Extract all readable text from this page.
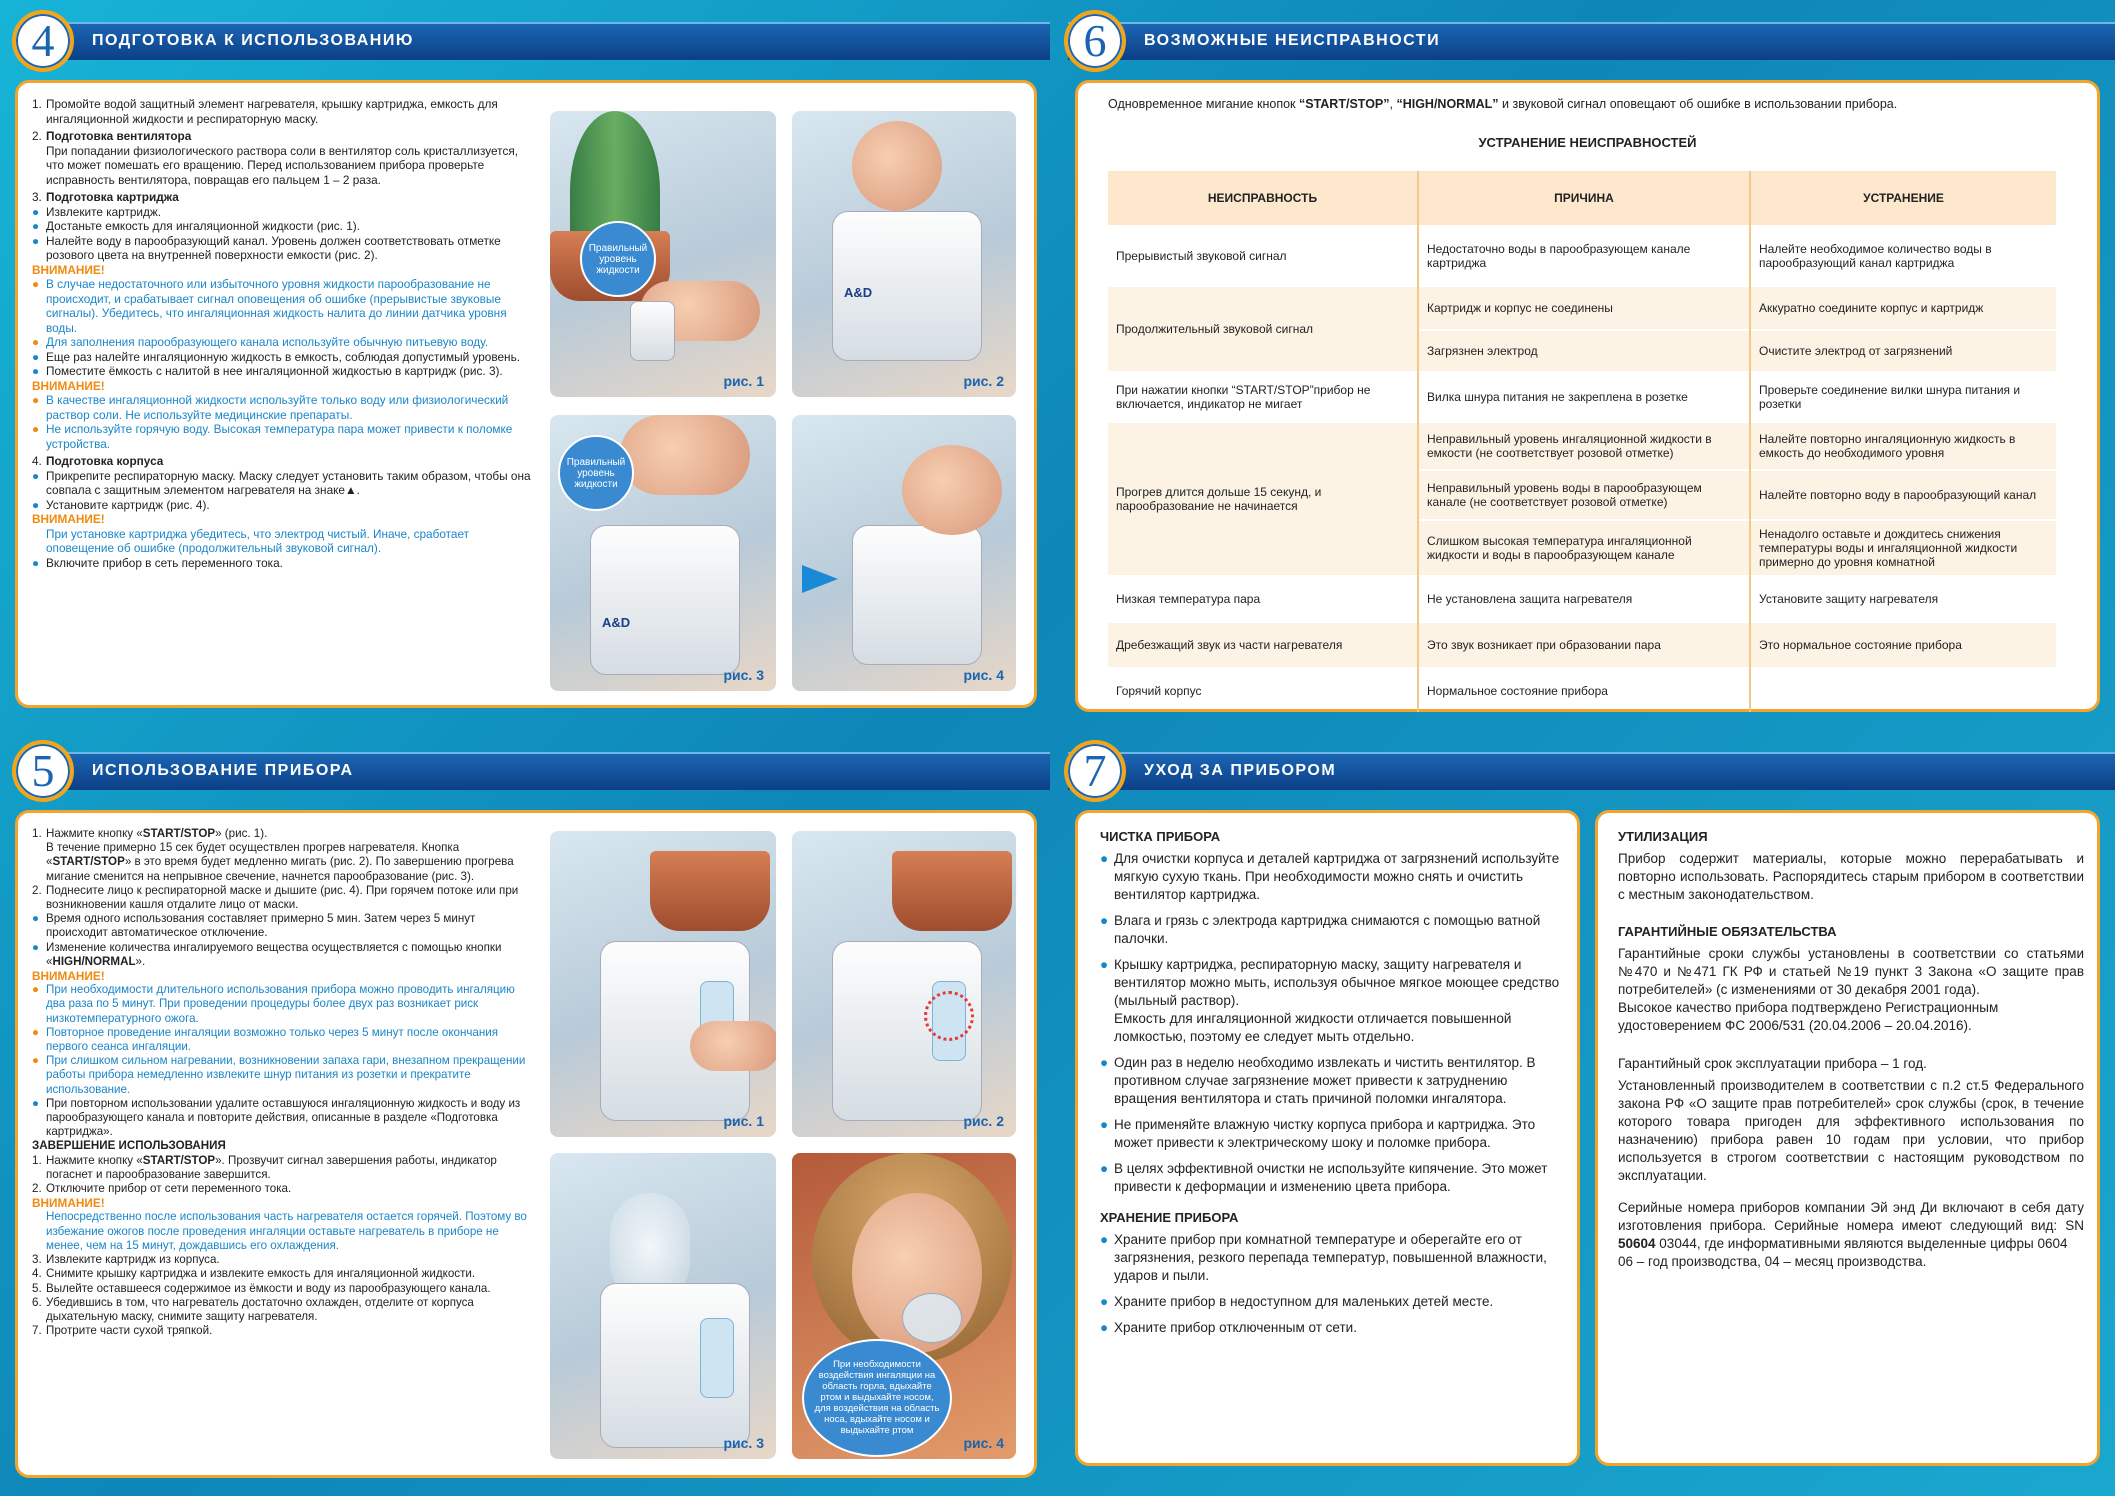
ПОДГОТОВКА К ИСПОЛЬЗОВАНИЮ
4
1. Промойте водой защитный элемент нагревателя, крышку картриджа, емкость для ингаляционной жидкости и респираторную маску.
2. Подготовка вентилятора
При попадании физиологического раствора соли в вентилятор соль кристаллизуется, что может помешать его вращению. Перед использованием прибора проверьте исправность вентилятора, повращав его пальцем 1 – 2 раза.
3. Подготовка картриджа
● Извлеките картридж.
● Достаньте емкость для ингаляционной жидкости (рис. 1).
● Налейте воду в парообразующий канал. Уровень должен соответствовать отметке розового цвета на внутренней поверхности емкости (рис. 2).
ВНИМАНИЕ!
● В случае недостаточного или избыточного уровня жидкости парообразование не происходит, и срабатывает сигнал оповещения об ошибке (прерывистые звуковые сигналы). Убедитесь, что ингаляционная жидкость налита до линии датчика уровня воды.
● Для заполнения парообразующего канала используйте обычную питьевую воду.
● Еще раз налейте ингаляционную жидкость в емкость, соблюдая допустимый уровень.
● Поместите ёмкость с налитой в нее ингаляционной жидкостью в картридж (рис. 3).
ВНИМАНИЕ!
● В качестве ингаляционной жидкости используйте только воду или физиологический раствор соли. Не используйте медицинские препараты.
● Не используйте горячую воду. Высокая температура пара может привести к поломке устройства.
4. Подготовка корпуса
● Прикрепите респираторную маску. Маску следует установить таким образом, чтобы она совпала с защитным элементом нагревателя на знаке▲.
● Установите картридж (рис. 4).
ВНИМАНИЕ!
При установке картриджа убедитесь, что электрод чистый. Иначе, сработает оповещение об ошибке (продолжительный звуковой сигнал).
● Включите прибор в сеть переменного тока.
Правильный уровень жидкости
рис. 1
A&D
рис. 2
A&D
Правильный уровень жидкости
рис. 3	рис. 4
ВОЗМОЖНЫЕ НЕИСПРАВНОСТИ
6
Одновременное мигание кнопок “START/STOP”, “HIGH/NORMAL” и звуковой сигнал оповещают об ошибке в использовании прибора.
УСТРАНЕНИЕ НЕИСПРАВНОСТЕЙ
НЕИСПРАВНОСТЬ	ПРИЧИНА	УСТРАНЕНИЕ
Прерывистый звуковой сигнал	Недостаточно воды в парообразующем канале картриджа	Налейте необходимое количество воды в парообразующий канал картриджа
Продолжительный звуковой сигнал	Картридж и корпус не соединены	Аккуратно соедините корпус и картридж
	Загрязнен электрод	Очистите электрод от загрязнений
При нажатии кнопки “START/STOP”прибор не включается, индикатор не мигает	Вилка шнура питания не закреплена в розетке	Проверьте соединение вилки шнура питания и розетки
Прогрев длится дольше 15 секунд, и парообразование не начинается	Неправильный уровень ингаляционной жидкости в емкости (не соответствует розовой отметке)	Налейте повторно ингаляционную жидкость в емкость до необходимого уровня
	Неправильный уровень воды в парообразующем канале (не соответствует розовой отметке)	Налейте повторно воду в парообразующий канал
	Слишком высокая температура ингаляционной жидкости и воды в парообразующем канале	Ненадолго оставьте и дождитесь снижения температуры воды и ингаляционной жидкости примерно до уровня комнатной
Низкая температура пара	Не установлена защита нагревателя	Установите защиту нагревателя
Дребезжащий звук из части нагревателя	Это звук возникает при образовании пара	Это нормальное состояние прибора
Горячий корпус	Нормальное состояние прибора	
ИСПОЛЬЗОВАНИЕ ПРИБОРА
5
1. Нажмите кнопку «START/STOP» (рис. 1).
В течение примерно 15 сек будет осуществлен прогрев нагревателя. Кнопка «START/STOP» в это время будет медленно мигать (рис. 2). По завершению прогрева мигание сменится на непрывное свечение, начнется парообразование (рис. 3).
2. Поднесите лицо к респираторной маске и дышите (рис. 4). При горячем потоке или при возникновении кашля отдалите лицо от маски.
● Время одного использования составляет примерно 5 мин. Затем через 5 минут происходит автоматическое отключение.
● Изменение количества ингалируемого вещества осуществляется с помощью кнопки «HIGH/NORMAL».
ВНИМАНИЕ!
● При необходимости длительного использования прибора можно проводить ингаляцию два раза по 5 минут. При проведении процедуры более двух раз возникает риск низкотемпературного ожога.
● Повторное проведение ингаляции возможно только через 5 минут после окончания первого сеанса ингаляции.
● При слишком сильном нагревании, возникновении запаха гари, внезапном прекращении работы прибора немедленно извлеките шнур питания из розетки и прекратите использование.
● При повторном использовании удалите оставшуюся ингаляционную жидкость и воду из парообразующего канала и повторите действия, описанные в разделе «Подготовка картриджа».
ЗАВЕРШЕНИЕ ИСПОЛЬЗОВАНИЯ
1. Нажмите кнопку «START/STOP». Прозвучит сигнал завершения работы, индикатор погаснет и парообразование завершится.
2. Отключите прибор от сети переменного тока.
ВНИМАНИЕ!
Непосредственно после использования часть нагревателя остается горячей. Поэтому во избежание ожогов после проведения ингаляции оставьте нагреватель в приборе не менее, чем на 15 минут, дождавшись его охлаждения.
3. Извлеките картридж из корпуса.
4. Снимите крышку картриджа и извлеките емкость для ингаляционной жидкости.
5. Вылейте оставшееся содержимое из ёмкости и воду из парообразующего канала.
6. Убедившись в том, что нагреватель достаточно охлажден, отделите от корпуса дыхательную маску, снимите защиту нагревателя.
7. Протрите части сухой тряпкой.
рис. 1	рис. 2
рис. 3
При необходимости воздействия ингаляции на область горла, вдыхайте ртом и выдыхайте носом, для воздействия на область носа, вдыхайте носом и выдыхайте ртом
рис. 4
УХОД ЗА ПРИБОРОМ
7
ЧИСТКА ПРИБОРА
● Для очистки корпуса и деталей картриджа от загрязнений используйте мягкую сухую ткань. При необходимости можно снять и очистить вентилятор картриджа.
● Влага и грязь с электрода картриджа снимаются с помощью ватной палочки.
● Крышку картриджа, респираторную маску, защиту нагревателя и вентилятор можно мыть, используя обычное мягкое моющее средство (мыльный раствор).
Емкость для ингаляционной жидкости отличается повышенной ломкостью, поэтому ее следует мыть отдельно.
● Один раз в неделю необходимо извлекать и чистить вентилятор. В противном случае загрязнение может привести к затруднению вращения вентилятора и стать причиной поломки ингалятора.
● Не применяйте влажную чистку корпуса прибора и картриджа. Это может привести к электрическому шоку и поломке прибора.
● В целях эффективной очистки не используйте кипячение. Это может привести к деформации и изменению цвета прибора.
ХРАНЕНИЕ ПРИБОРА
● Храните прибор при комнатной температуре и оберегайте его от загрязнения, резкого перепада температур, повышенной влажности, ударов и пыли.
● Храните прибор в недоступном для маленьких детей месте.
● Храните прибор отключенным от сети.
УТИЛИЗАЦИЯ
Прибор содержит материалы, которые можно перерабатывать и повторно использовать. Распорядитесь старым прибором в соответствии с местным законодательством.
ГАРАНТИЙНЫЕ ОБЯЗАТЕЛЬСТВА
Гарантийные сроки службы установлены в соответствии со статьями №470 и №471 ГК РФ и статьей №19 пункт 3 Закона «О защите прав потребителей» (с изменениями от 30 декабря 2001 года).
Высокое качество прибора подтверждено Регистрационным удостоверением ФС 2006/531 (20.04.2006 – 20.04.2016).
Гарантийный срок эксплуатации прибора – 1 год.
Установленный производителем в соответствии с п.2 ст.5 Федерального закона РФ «О защите прав потребителей» срок службы (срок, в течение которого товара пригоден для эффективного использования по назначению) прибора равен 10 годам при условии, что прибор используется в строгом соответствии с настоящим руководством по эксплуатации.
Серийные номера приборов компании Эй энд Ди включают в себя дату изготовления прибора. Серийные номера имеют следующий вид: SN 50604 03044, где информативными являются выделенные цифры 0604
06 – год производства, 04 – месяц производства.
